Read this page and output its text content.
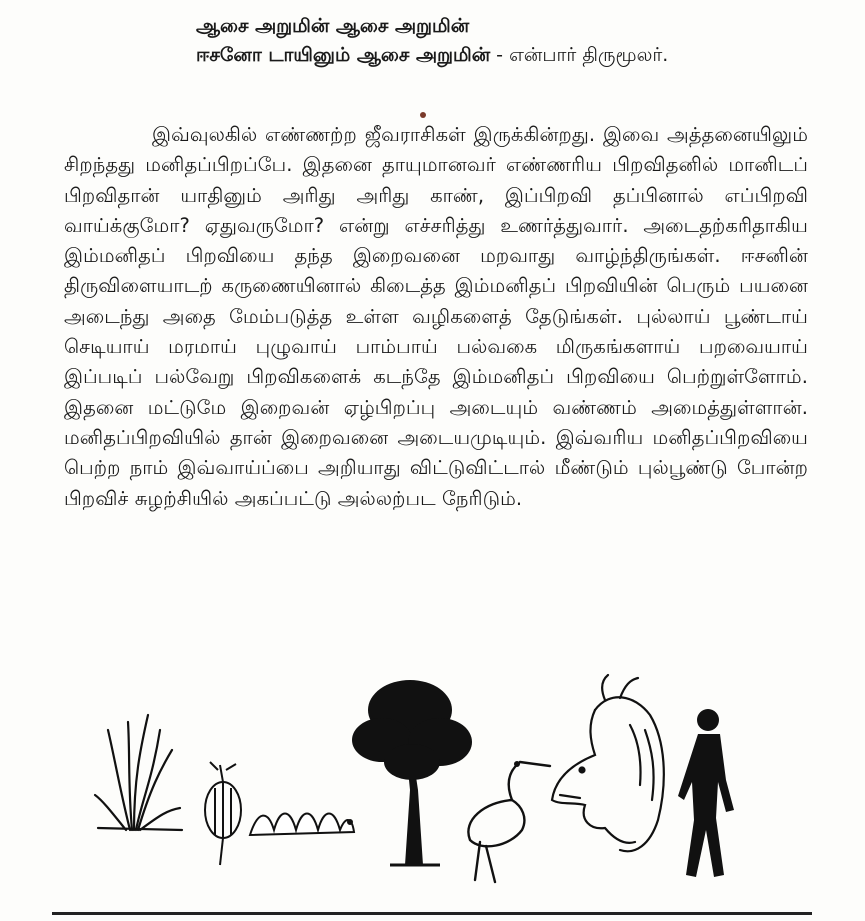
ஆசை அறுமின் ஆசை அறுமின்
ஈசனோ டாயினும் ஆசை அறுமின் - என்பார் திருமூலர்.

இவ்வுலகில் எண்ணற்ற ஜீவராசிகள் இருக்கின்றது. இவை அத்தனையிலும் சிறந்தது மனிதப்பிறப்பே. இதனை தாயுமானவர் எண்ணரிய பிறவிதனில் மானிடப் பிறவிதான் யாதினும் அரிது அரிது காண், இப்பிறவி தப்பினால் எப்பிறவி வாய்க்குமோ? ஏதுவருமோ? என்று எச்சரித்து உணர்த்துவார். அடைதற்கரிதாகிய இம்மனிதப் பிறவியை தந்த இறைவனை மறவாது வாழ்ந்திருங்கள். ஈசனின் திருவிளையாடற் கருணையினால் கிடைத்த இம்மனிதப் பிறவியின் பெரும் பயனை அடைந்து அதை மேம்படுத்த உள்ள வழிகளைத் தேடுங்கள். புல்லாய் பூண்டாய் செடியாய் மரமாய் புழுவாய் பாம்பாய் பல்வகை மிருகங்களாய் பறவையாய் இப்படிப் பல்வேறு பிறவிகளைக் கடந்தே இம்மனிதப் பிறவியை பெற்றுள்ளோம். இதனை மட்டுமே இறைவன் ஏழ்பிறப்பு அடையும் வண்ணம் அமைத்துள்ளான். மனிதப்பிறவியில் தான் இறைவனை அடையமுடியும். இவ்வரிய மனிதப்பிறவியை பெற்ற நாம் இவ்வாய்ப்பை அறியாது விட்டுவிட்டால் மீண்டும் புல்பூண்டு போன்ற பிறவிச் சுழற்சியில் அகப்பட்டு அல்லற்பட நேரிடும்.
